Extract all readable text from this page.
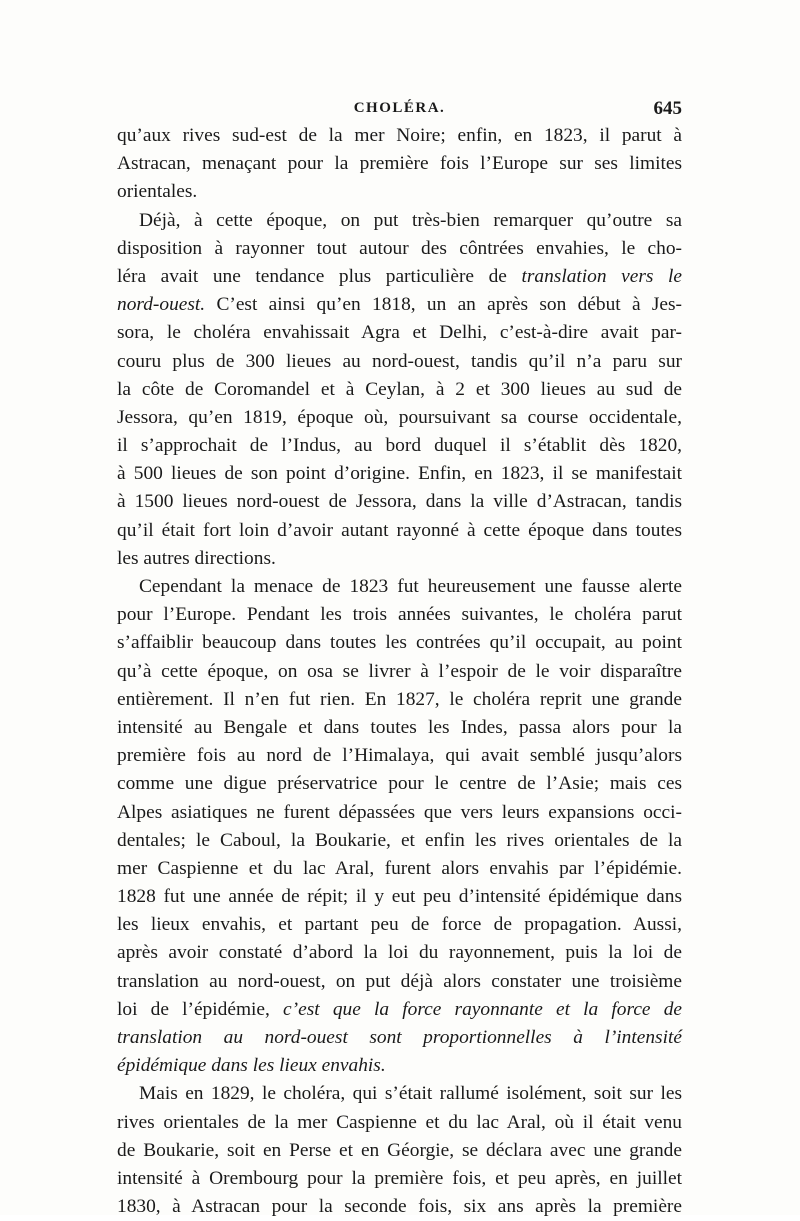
CHOLÉRA.	645
qu’aux rives sud-est de la mer Noire; enfin, en 1823, il parut à
Astracan, menaçant pour la première fois l’Europe sur ses limites
orientales.
Déjà, à cette époque, on put très-bien remarquer qu’outre sa
disposition à rayonner tout autour des côntrées envahies, le cho-
léra avait une tendance plus particulière de translation vers le
nord-ouest. C’est ainsi qu’en 1818, un an après son début à Jes-
sora, le choléra envahissait Agra et Delhi, c’est-à-dire avait par-
couru plus de 300 lieues au nord-ouest, tandis qu’il n’a paru sur
la côte de Coromandel et à Ceylan, à 2 et 300 lieues au sud de
Jessora, qu’en 1819, époque où, poursuivant sa course occidentale,
il s’approchait de l’Indus, au bord duquel il s’établit dès 1820,
à 500 lieues de son point d’origine. Enfin, en 1823, il se manifestait
à 1500 lieues nord-ouest de Jessora, dans la ville d’Astracan, tandis
qu’il était fort loin d’avoir autant rayonné à cette époque dans toutes
les autres directions.
Cependant la menace de 1823 fut heureusement une fausse alerte
pour l’Europe. Pendant les trois années suivantes, le choléra parut
s’affaiblir beaucoup dans toutes les contrées qu’il occupait, au point
qu’à cette époque, on osa se livrer à l’espoir de le voir disparaître
entièrement. Il n’en fut rien. En 1827, le choléra reprit une grande
intensité au Bengale et dans toutes les Indes, passa alors pour la
première fois au nord de l’Himalaya, qui avait semblé jusqu’alors
comme une digue préservatrice pour le centre de l’Asie; mais ces
Alpes asiatiques ne furent dépassées que vers leurs expansions occi-
dentales; le Caboul, la Boukarie, et enfin les rives orientales de la
mer Caspienne et du lac Aral, furent alors envahis par l’épidémie.
1828 fut une année de répit; il y eut peu d’intensité épidémique dans
les lieux envahis, et partant peu de force de propagation. Aussi,
après avoir constaté d’abord la loi du rayonnement, puis la loi de
translation au nord-ouest, on put déjà alors constater une troisième
loi de l’épidémie, c’est que la force rayonnante et la force de
translation au nord-ouest sont proportionnelles à l’intensité
épidémique dans les lieux envahis.
Mais en 1829, le choléra, qui s’était rallumé isolément, soit sur les
rives orientales de la mer Caspienne et du lac Aral, où il était venu
de Boukarie, soit en Perse et en Géorgie, se déclara avec une grande
intensité à Orembourg pour la première fois, et peu après, en juillet
1830, à Astracan pour la seconde fois, six ans après la première
